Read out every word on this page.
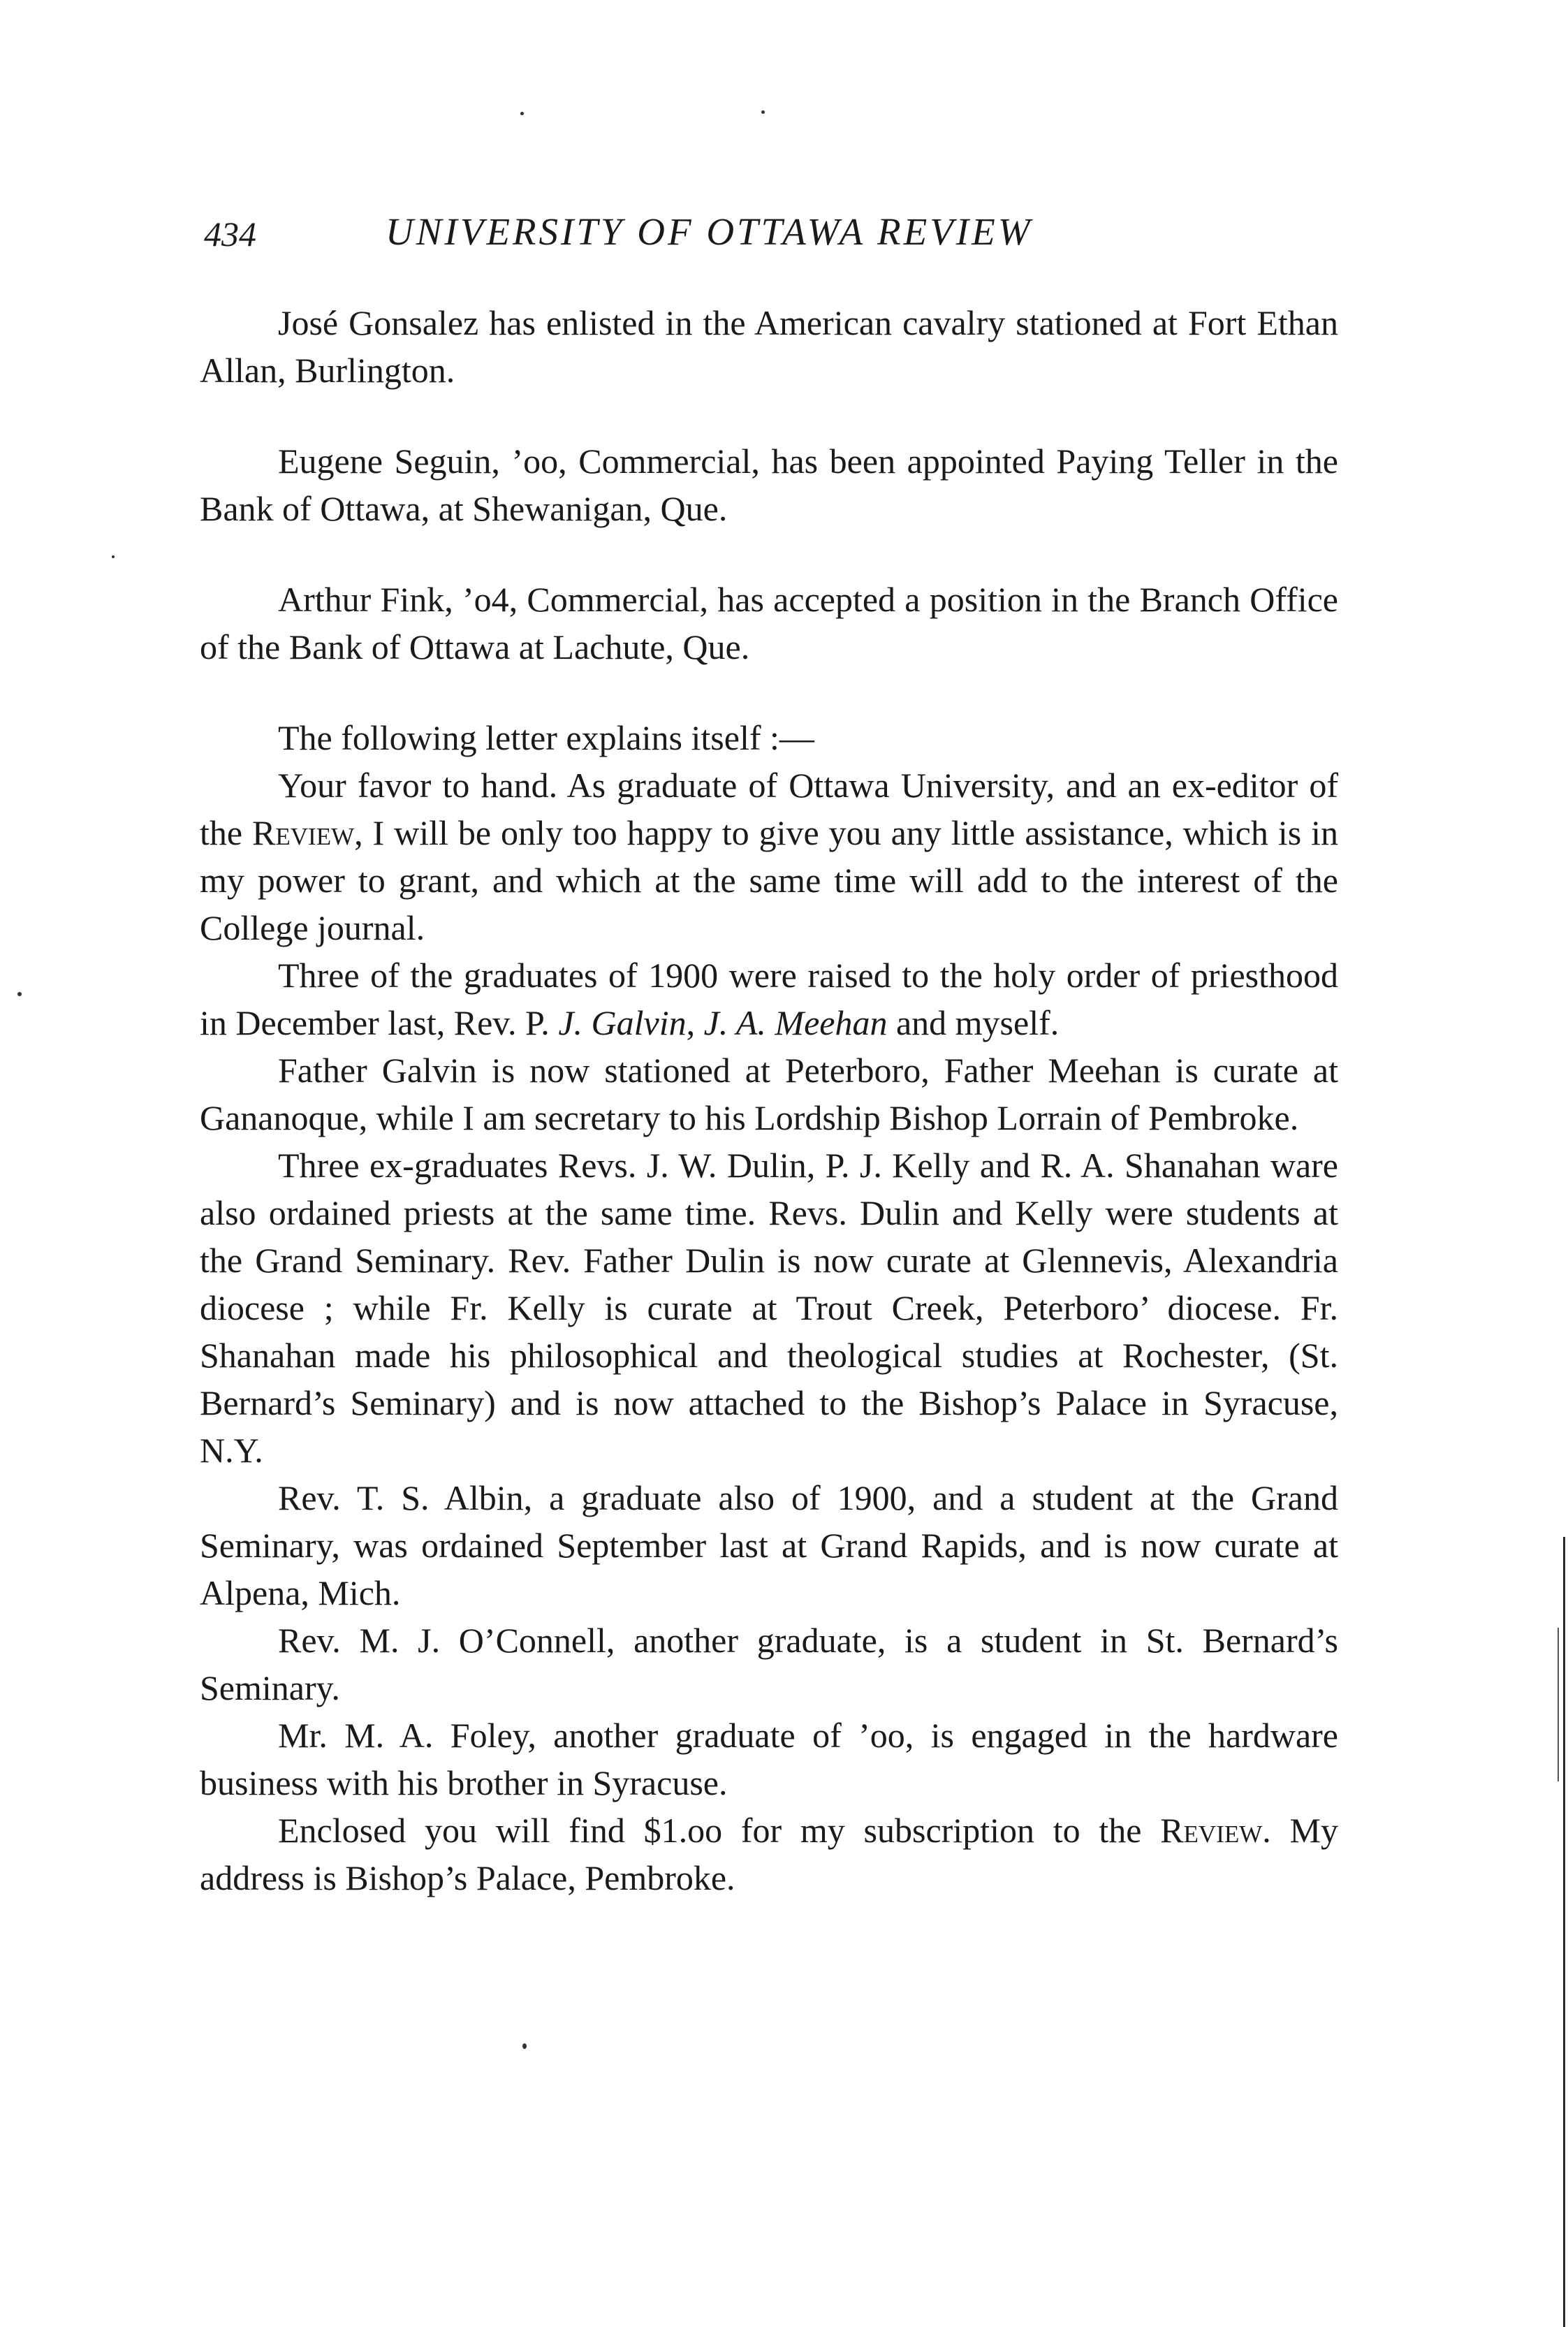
434	UNIVERSITY OF OTTAWA REVIEW

José Gonsalez has enlisted in the American cavalry stationed at Fort Ethan Allan, Burlington.

Eugene Seguin, ’oo, Commercial, has been appointed Paying Teller in the Bank of Ottawa, at Shewanigan, Que.

Arthur Fink, ’o4, Commercial, has accepted a position in the Branch Office of the Bank of Ottawa at Lachute, Que.

The following letter explains itself :—

Your favor to hand. As graduate of Ottawa University, and an ex-editor of the Review, I will be only too happy to give you any little assistance, which is in my power to grant, and which at the same time will add to the interest of the College journal.

Three of the graduates of 1900 were raised to the holy order of priesthood in December last, Rev. P. J. Galvin, J. A. Meehan and myself.

Father Galvin is now stationed at Peterboro, Father Meehan is curate at Gananoque, while I am secretary to his Lordship Bishop Lorrain of Pembroke.

Three ex-graduates Revs. J. W. Dulin, P. J. Kelly and R. A. Shanahan ware also ordained priests at the same time. Revs. Dulin and Kelly were students at the Grand Seminary. Rev. Father Dulin is now curate at Glennevis, Alexandria diocese ; while Fr. Kelly is curate at Trout Creek, Peterboro’ diocese. Fr. Shanahan made his philosophical and theological studies at Rochester, (St. Bernard’s Seminary) and is now attached to the Bishop’s Palace in Syracuse, N.Y.

Rev. T. S. Albin, a graduate also of 1900, and a student at the Grand Seminary, was ordained September last at Grand Rapids, and is now curate at Alpena, Mich.

Rev. M. J. O’Connell, another graduate, is a student in St. Bernard’s Seminary.

Mr. M. A. Foley, another graduate of ’oo, is engaged in the hardware business with his brother in Syracuse.

Enclosed you will find $1.oo for my subscription to the Review. My address is Bishop’s Palace, Pembroke.
